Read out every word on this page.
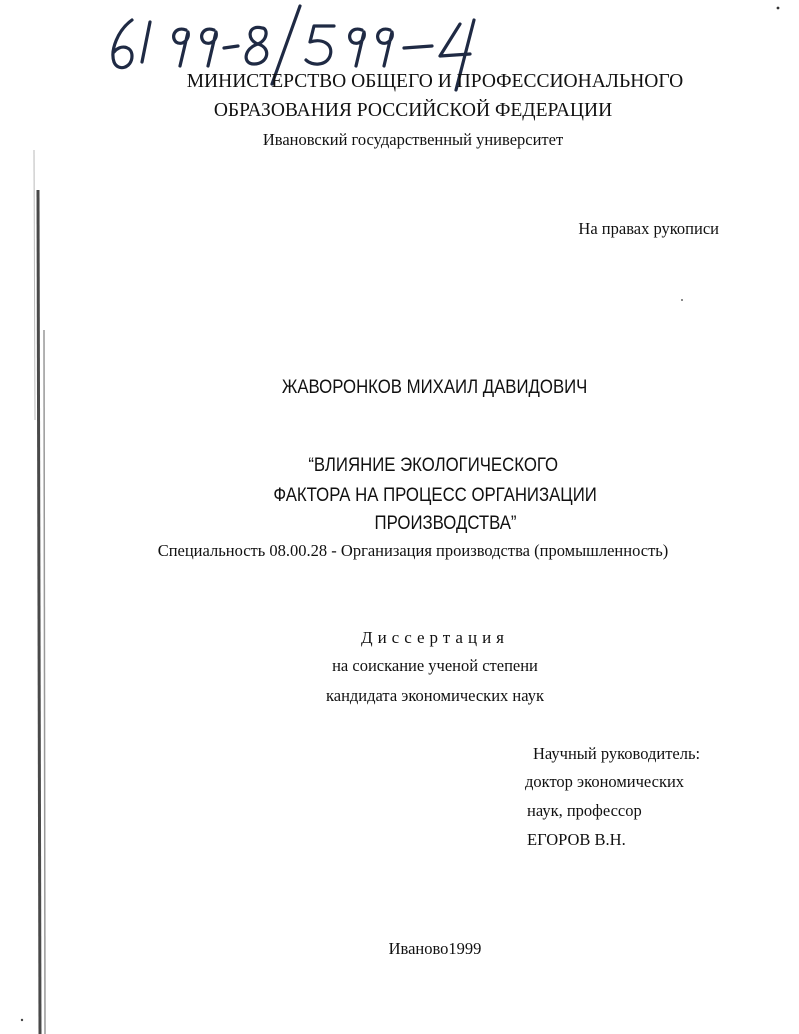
МИНИСТЕРСТВО ОБЩЕГО И ПРОФЕССИОНАЛЬНОГО
ОБРАЗОВАНИЯ РОССИЙСКОЙ ФЕДЕРАЦИИ
Ивановский государственный университет
На правах рукописи
ЖАВОРОНКОВ МИХАИЛ ДАВИДОВИЧ
“ВЛИЯНИЕ ЭКОЛОГИЧЕСКОГО
ФАКТОРА НА ПРОЦЕСС ОРГАНИЗАЦИИ
ПРОИЗВОДСТВА”
Специальность 08.00.28 - Организация производства (промышленность)
Диссертация
на соискание ученой степени
кандидата экономических наук
Научный руководитель:
доктор экономических
наук, профессор
ЕГОРОВ В.Н.
Иваново1999
